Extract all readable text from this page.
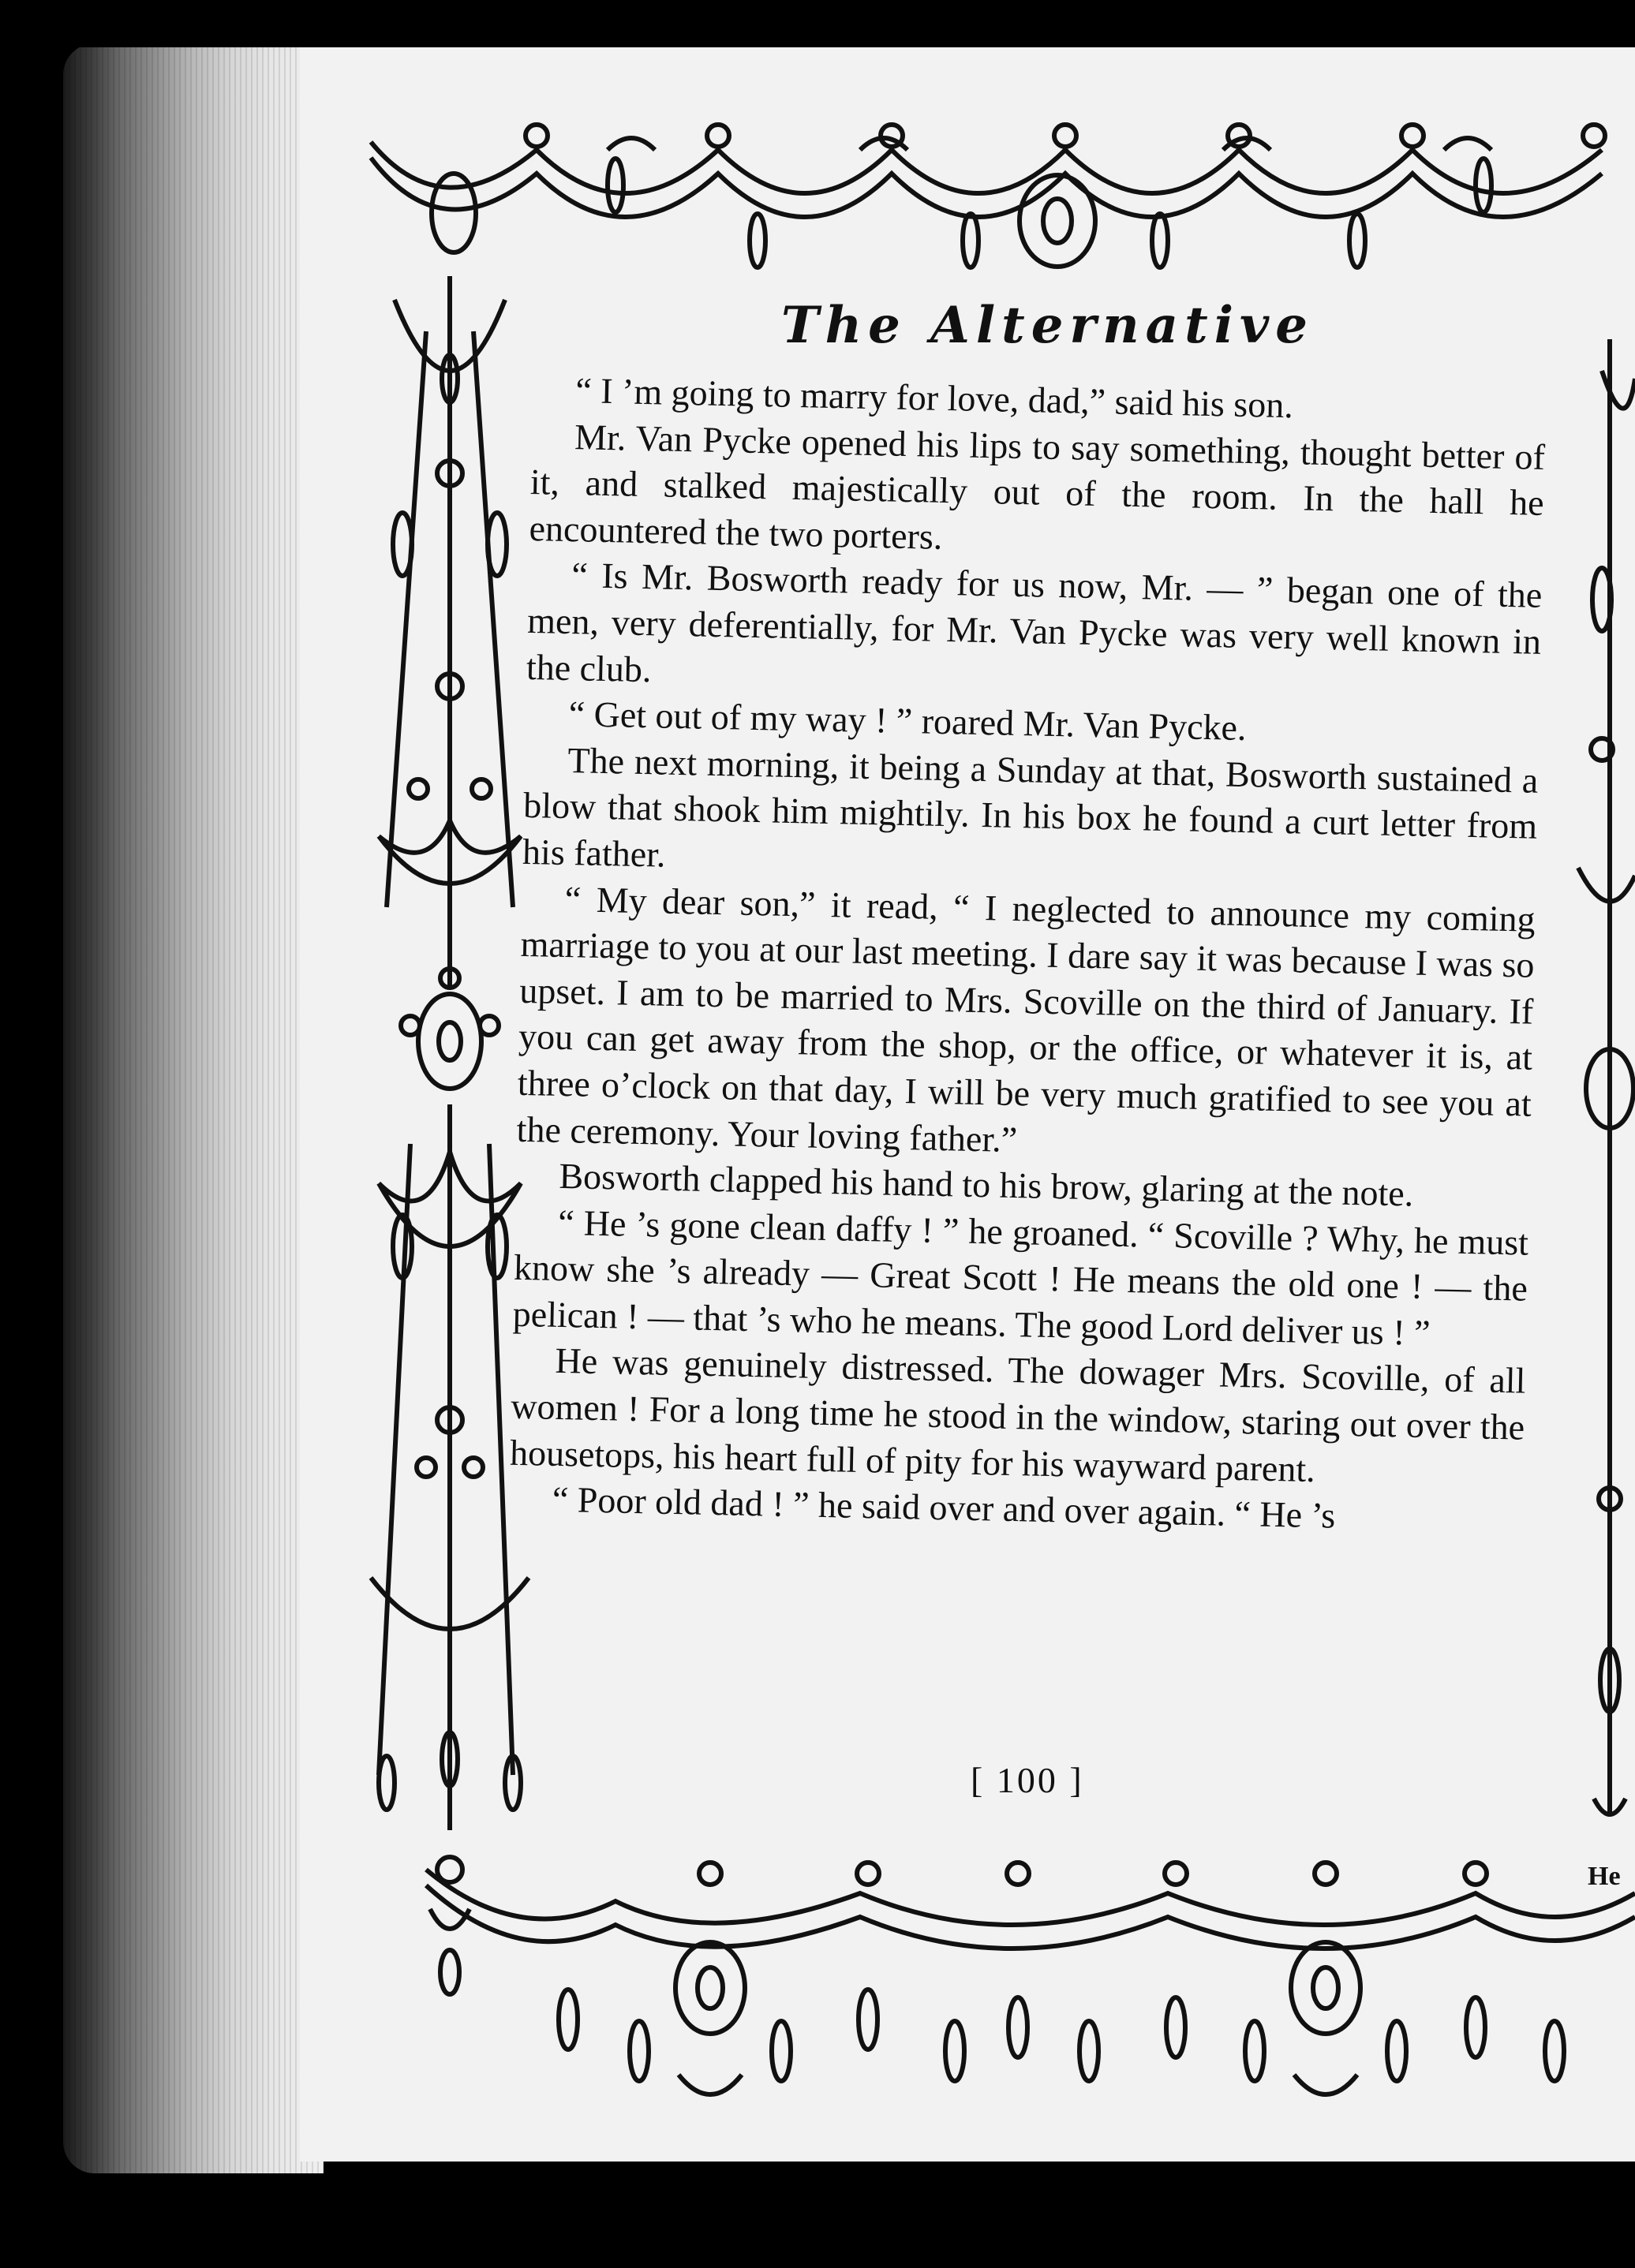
The Alternative

“ I ’m going to marry for love, dad,” said his son.

Mr. Van Pycke opened his lips to say something, thought better of it, and stalked majestically out of the room. In the hall he encountered the two porters.

“ Is Mr. Bosworth ready for us now, Mr. — ” began one of the men, very deferentially, for Mr. Van Pycke was very well known in the club.

“ Get out of my way ! ” roared Mr. Van Pycke.

The next morning, it being a Sunday at that, Bosworth sustained a blow that shook him mightily. In his box he found a curt letter from his father.

“ My dear son,” it read, “ I neglected to announce my coming marriage to you at our last meeting. I dare say it was because I was so upset. I am to be married to Mrs. Scoville on the third of January. If you can get away from the shop, or the office, or whatever it is, at three o’clock on that day, I will be very much gratified to see you at the ceremony. Your loving father.”

Bosworth clapped his hand to his brow, glaring at the note.

“ He ’s gone clean daffy ! ” he groaned. “ Scoville ? Why, he must know she ’s already — Great Scott ! He means the old one ! — the pelican ! — that ’s who he means. The good Lord deliver us ! ”

He was genuinely distressed. The dowager Mrs. Scoville, of all women ! For a long time he stood in the window, staring out over the housetops, his heart full of pity for his wayward parent.

“ Poor old dad ! ” he said over and over again. “ He ’s

[ 100 ]
He
